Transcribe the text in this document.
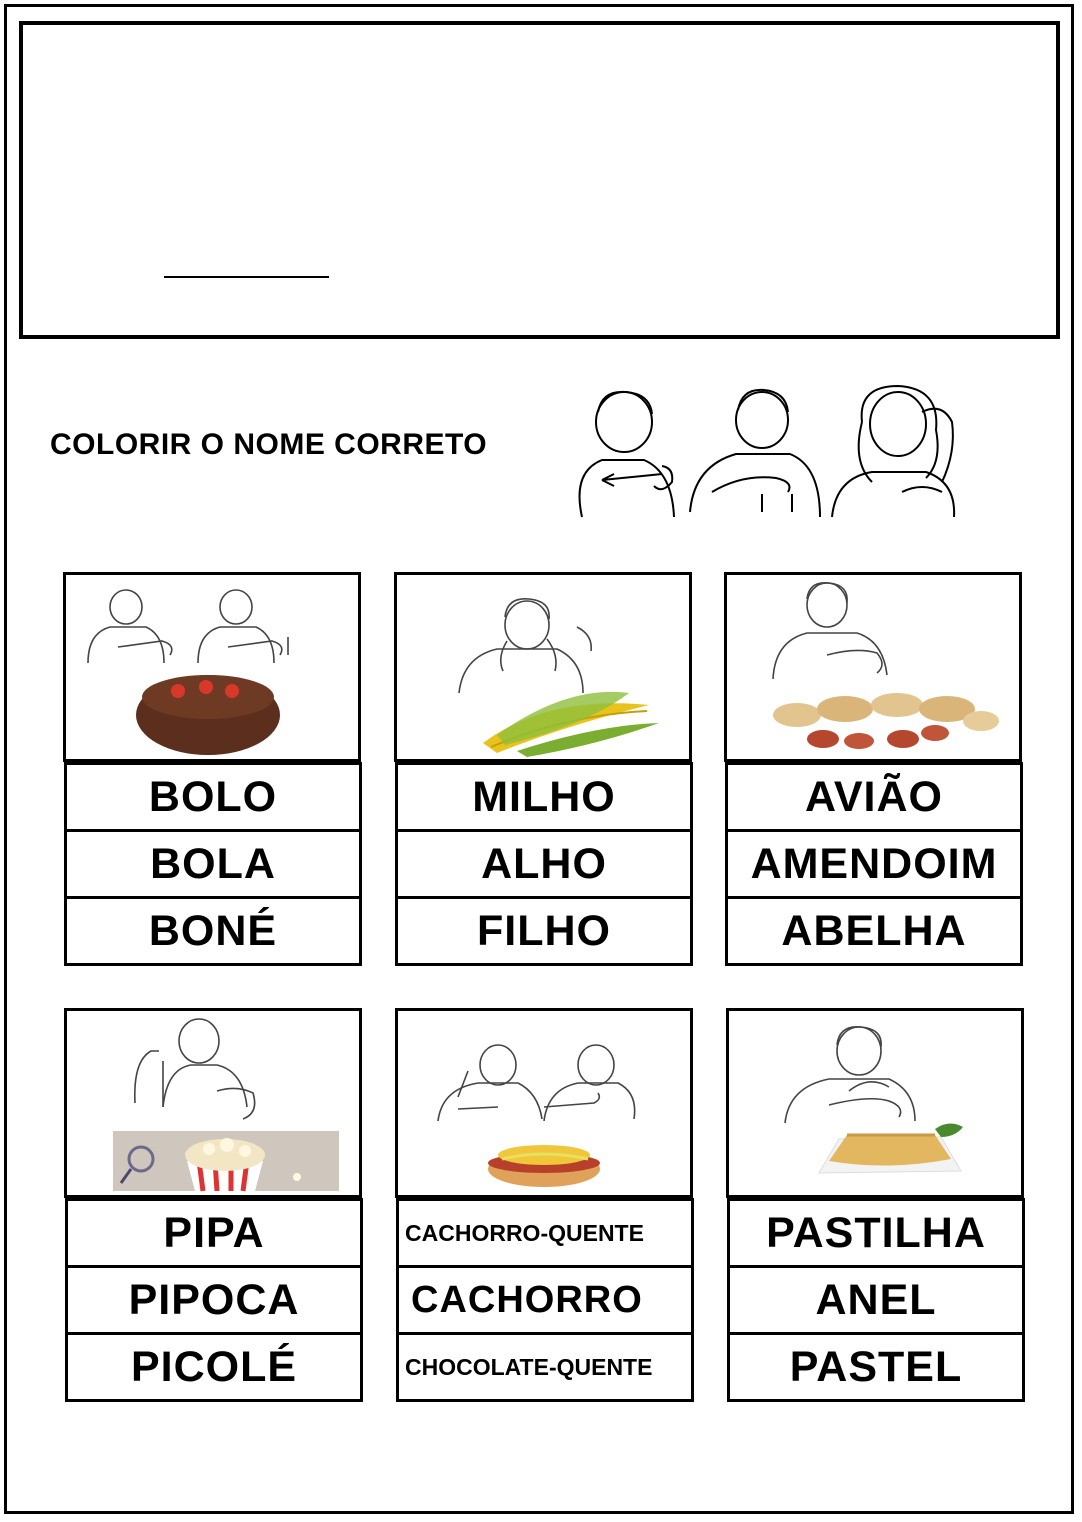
COLORIR O NOME CORRETO
BOLO
BOLA
BONÉ
MILHO
ALHO
FILHO
AVIÃO
AMENDOIM
ABELHA
PIPA
PIPOCA
PICOLÉ
CACHORRO-QUENTE
CACHORRO
CHOCOLATE-QUENTE
PASTILHA
ANEL
PASTEL
